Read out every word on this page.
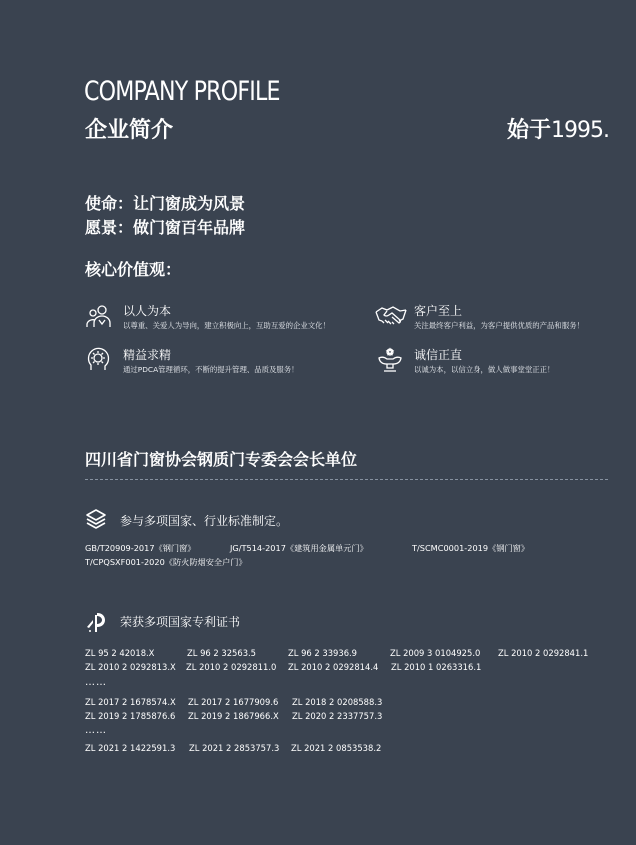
COMPANY PROFILE
企业简介	始于1995.
使命：让门窗成为风景
愿景：做门窗百年品牌
核心价值观：
以人为本
以尊重、关爱人为导向，建立积极向上，互助互爱的企业文化！
客户至上
关注最终客户利益，为客户提供优质的产品和服务！
精益求精
通过PDCA管理循环，不断的提升管理、品质及服务！
诚信正直
以诚为本，以信立身，做人做事堂堂正正！
四川省门窗协会钢质门专委会会长单位
参与多项国家、行业标准制定。
GB/T20909-2017《钢门窗》	JG/T514-2017《建筑用金属单元门》	T/SCMC0001-2019《钢门窗》
T/CPQSXF001-2020《防火防烟安全户门》
荣获多项国家专利证书
ZL 95 2 42018.X	ZL 96 2 32563.5	ZL 96 2 33936.9	ZL 2009 3 0104925.0 ZL 2010 2 0292841.1
ZL 2010 2 0292813.X ZL 2010 2 0292811.0 ZL 2010 2 0292814.4 ZL 2010 1 0263316.1
……
ZL 2017 2 1678574.X ZL 2017 2 1677909.6 ZL 2018 2 0208588.3
ZL 2019 2 1785876.6 ZL 2019 2 1867966.X ZL 2020 2 2337757.3
……
ZL 2021 2 1422591.3 ZL 2021 2 2853757.3 ZL 2021 2 0853538.2
